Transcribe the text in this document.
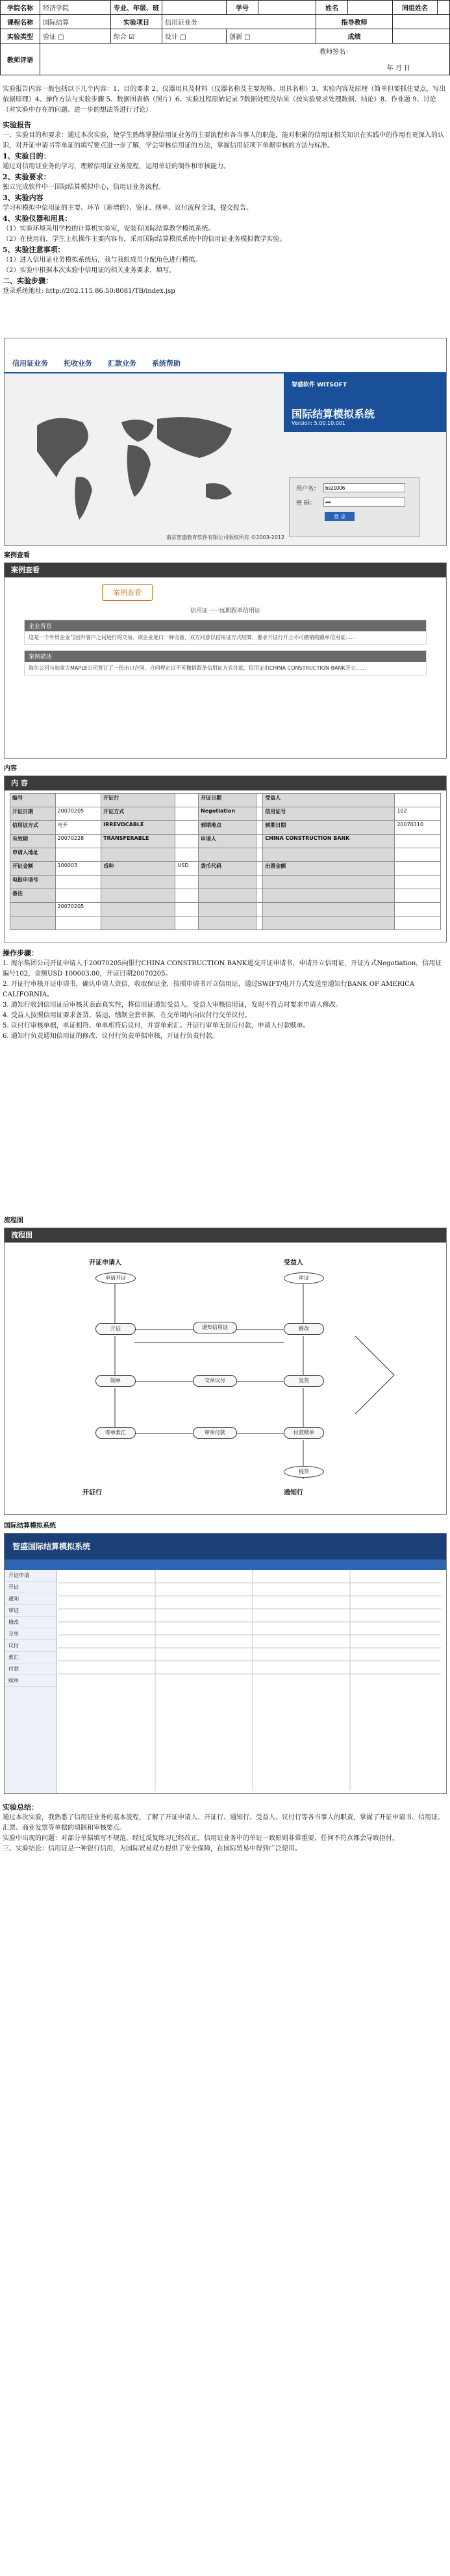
学院名称	经济学院	专业、年级、班		学号		姓名		同组姓名	
课程名称	国际结算	实验项目	信用证业务			指导教师			
实验类型	验证 □	综合 ☑	设计 □	创新 □		成绩			
教师评语	教师签名：
年 月 日								
实验报告内容一般包括以下几个内容：1、目的要求 2、仪器用具及材料（仪器名称及主要规格、用具名称）3、实验内容及原理（简单但要抓住要点，写出依据原理）4、操作方法与实验步骤 5、数据图表格（照片）6、实验过程原始记录 7数据处理及结果（按实验要求处理数据、结论）8、作业题 9、讨论（对实验中存在的问题、进一步的想法等进行讨论）
实验报告
一、实验目的和要求：通过本次实验，使学生熟练掌握信用证业务的主要流程和各当事人的职能，能对积累的信用证相关知识在实践中的作用有更深入的认识，对开证申请书等单证的填写要点进一步了解，学会审核信用证的方法，掌握信用证项下单据审核的方法与标准。
1、实验目的：
通过对信用证业务的学习，理解信用证业务流程，运用单证的制作和审核能力。
2、实验要求：
独立完成软件中一国际结算模拟中心，信用证业务流程。
3、实验内容
学习和模拟中信用证的主要、环节（新增的）、鉴证、缮单、议付流程全部，提交报告。
4、实验仪器和用具：
（1）实验环境采用学校的计算机实验室，安装有国际结算教学模拟系统。
（2）在使用前，学生上机操作主要内容有，采用国际结算模拟系统中的信用证业务模拟教学实验。
5、实验注意事项：
（1）进入信用证业务模拟系统后，我与我组成员分配角色进行模拟。
（2）实验中根据本次实验中信用证的相关业务要求，填写。
二、实验步骤：
登录系统地址: http://202.115.86.50:8081/TB/index.jsp
信用证业务 托收业务 汇款业务 系统帮助
智盛软件 WITSOFT
国际结算模拟系统
Version: 5.00.10.001
用户名：
bsz1006
密 码：
•••
登 录
南京智盛教育软件有限公司版权所有 ©2003-2012
案例查看
案例查看
案例查看
信用证一一远期跟单信用证
企业背景
这是一个外贸企业与国外客户之间进行的交易。该企业进口一种设备，双方同意以信用证方式结算，要求开证行开立不可撤销的跟单信用证……
案例描述
海尔公司与加拿大MAPLE公司签订了一份出口合同，合同规定以不可撤销跟单信用证方式付款，信用证由CHINA CONSTRUCTION BANK开立……
内容
内 容
编号		开证行		开证日期		受益人	
开证日期	20070205	开证方式		Negotiation		信用证号	102
信用证方式	电开	IRREVOCABLE		到期地点		到期日期	20070310
有效期	20070228	TRANSFERABLE		申请人		CHINA CONSTRUCTION BANK	
申请人地址							
开证金额	100003	币种	USD	货币代码		出票金额	
电报申请号							
备注							
	20070205						

操作步骤：
1. 海尔集团公司开证申请人于20070205向银行CHINA CONSTRUCTION BANK递交开证申请书，申请开立信用证，开证方式Negotiation，信用证编号102，金额USD 100003.00，开证日期20070205。
2. 开证行审核开证申请书，确认申请人资信，收取保证金，按照申请书开立信用证，通过SWIFT/电开方式发送至通知行BANK OF AMERICA CALIFORNIA。
3. 通知行收到信用证后审核其表面真实性，将信用证通知受益人。受益人审核信用证，发现不符点时要求申请人修改。
4. 受益人按照信用证要求备货、装运，缮制全套单据，在交单期内向议付行交单议付。
5. 议付行审核单据，单证相符、单单相符后议付，并寄单索汇。开证行审单无误后付款，申请人付款赎单。
6. 通知行负责通知信用证的修改、议付行负责单据审核，开证行负责付款。
流程图
流程图
开证申请人	受益人
开证行	通知行
申请开证
开证	通知信用证
审证
修改
发货
制单	交单议付
寄单索汇	审单付款	付款赎单
提货
国际结算模拟系统
智盛国际结算模拟系统
开证申请
开证
通知
审证
修改
交单
议付
索汇
付款
赎单
实验总结：
通过本次实验，我熟悉了信用证业务的基本流程，了解了开证申请人、开证行、通知行、受益人、议付行等各当事人的职责，掌握了开证申请书、信用证、汇票、商业发票等单据的填制和审核要点。
实验中出现的问题：对部分单据填写不规范，经过反复练习已经改正。信用证业务中的单证一致原则非常重要，任何不符点都会导致拒付。
三、实验结论：信用证是一种银行信用，为国际贸易双方提供了安全保障，在国际贸易中得到广泛使用。
